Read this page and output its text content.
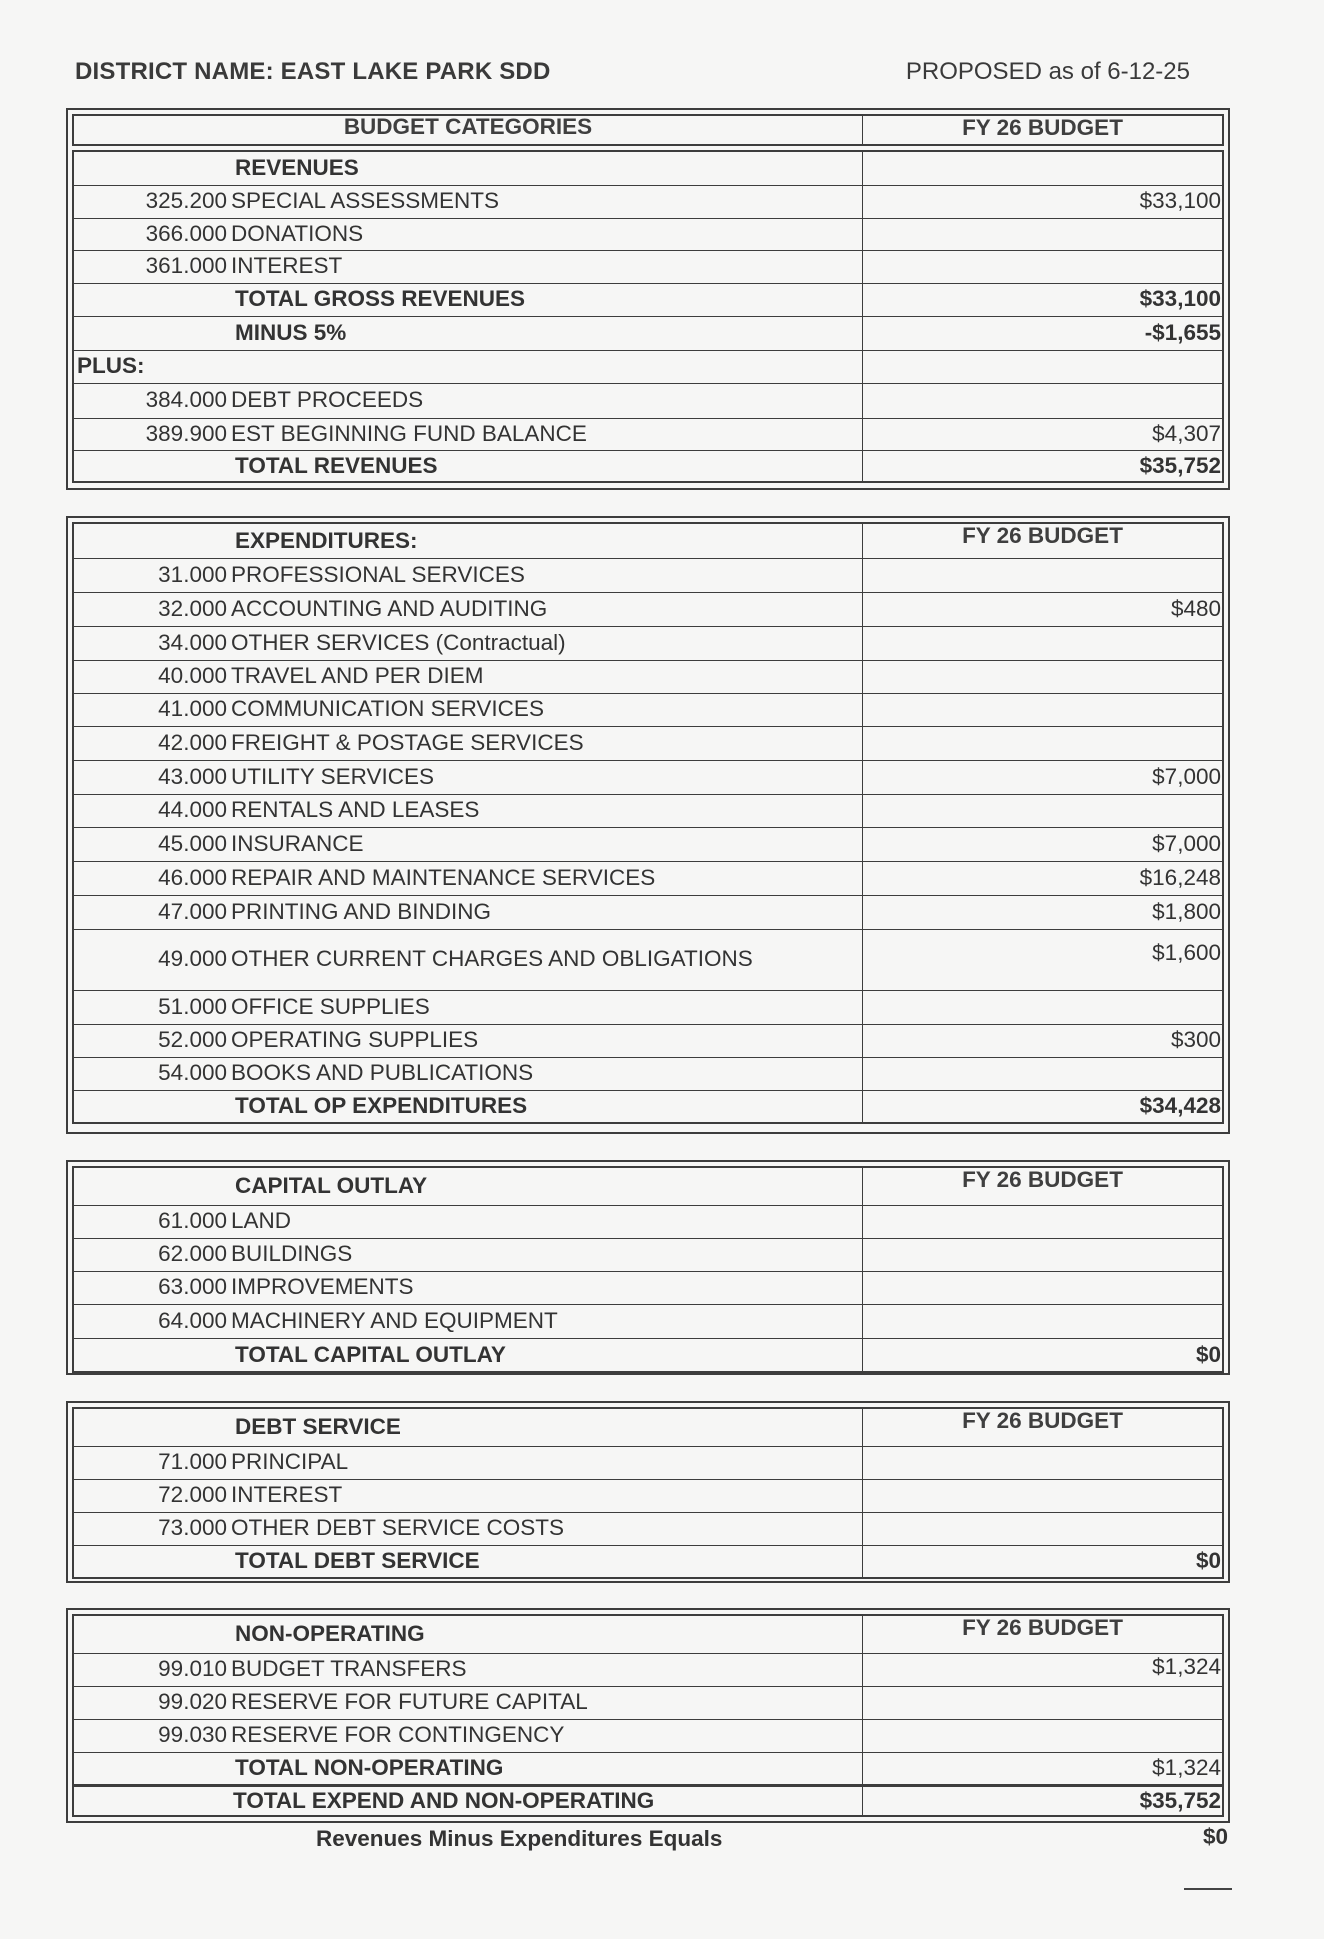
DISTRICT NAME: EAST LAKE PARK SDD	PROPOSED as of 6-12-25
BUDGET CATEGORIES	FY 26 BUDGET
REVENUES	
325.200 SPECIAL ASSESSMENTS	$33,100
366.000 DONATIONS	
361.000 INTEREST	
TOTAL GROSS REVENUES	$33,100
MINUS 5%	-$1,655
PLUS:	
384.000 DEBT PROCEEDS	
389.900 EST BEGINNING FUND BALANCE	$4,307
TOTAL REVENUES	$35,752
EXPENDITURES:	FY 26 BUDGET
31.000 PROFESSIONAL SERVICES	
32.000 ACCOUNTING AND AUDITING	$480
34.000 OTHER SERVICES (Contractual)	
40.000 TRAVEL AND PER DIEM	
41.000 COMMUNICATION SERVICES	
42.000 FREIGHT & POSTAGE SERVICES	
43.000 UTILITY SERVICES	$7,000
44.000 RENTALS AND LEASES	
45.000 INSURANCE	$7,000
46.000 REPAIR AND MAINTENANCE SERVICES	$16,248
47.000 PRINTING AND BINDING	$1,800
49.000 OTHER CURRENT CHARGES AND OBLIGATIONS	$1,600
51.000 OFFICE SUPPLIES	
52.000 OPERATING SUPPLIES	$300
54.000 BOOKS AND PUBLICATIONS	
TOTAL OP EXPENDITURES	$34,428
CAPITAL OUTLAY	FY 26 BUDGET
61.000 LAND	
62.000 BUILDINGS	
63.000 IMPROVEMENTS	
64.000 MACHINERY AND EQUIPMENT	
TOTAL CAPITAL OUTLAY	$0
DEBT SERVICE	FY 26 BUDGET
71.000 PRINCIPAL	
72.000 INTEREST	
73.000 OTHER DEBT SERVICE COSTS	
TOTAL DEBT SERVICE	$0
NON-OPERATING	FY 26 BUDGET
99.010 BUDGET TRANSFERS	$1,324
99.020 RESERVE FOR FUTURE CAPITAL	
99.030 RESERVE FOR CONTINGENCY	
TOTAL NON-OPERATING	$1,324
TOTAL EXPEND AND NON-OPERATING	$35,752
Revenues Minus Expenditures Equals	$0
